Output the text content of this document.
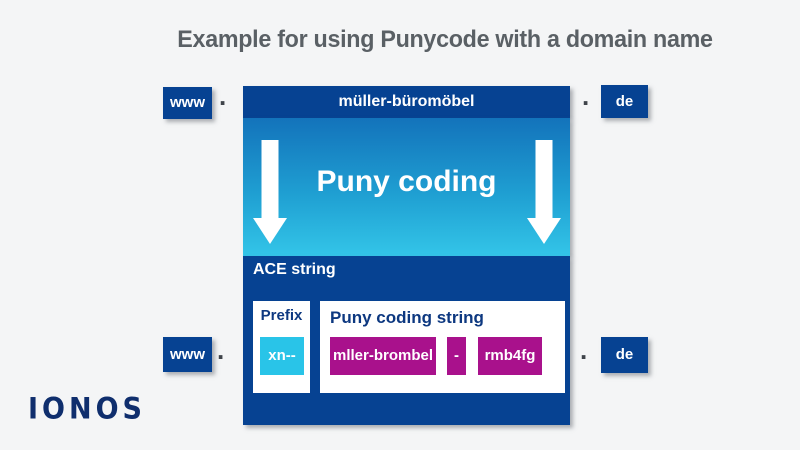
Example for using Punycode with a domain name
www .	müller-büromöbel	.	de
Puny coding
ACE string
Prefix
xn--
Puny coding string
mller-brombel	-	rmb4fg
www .	.	de
IONOS
